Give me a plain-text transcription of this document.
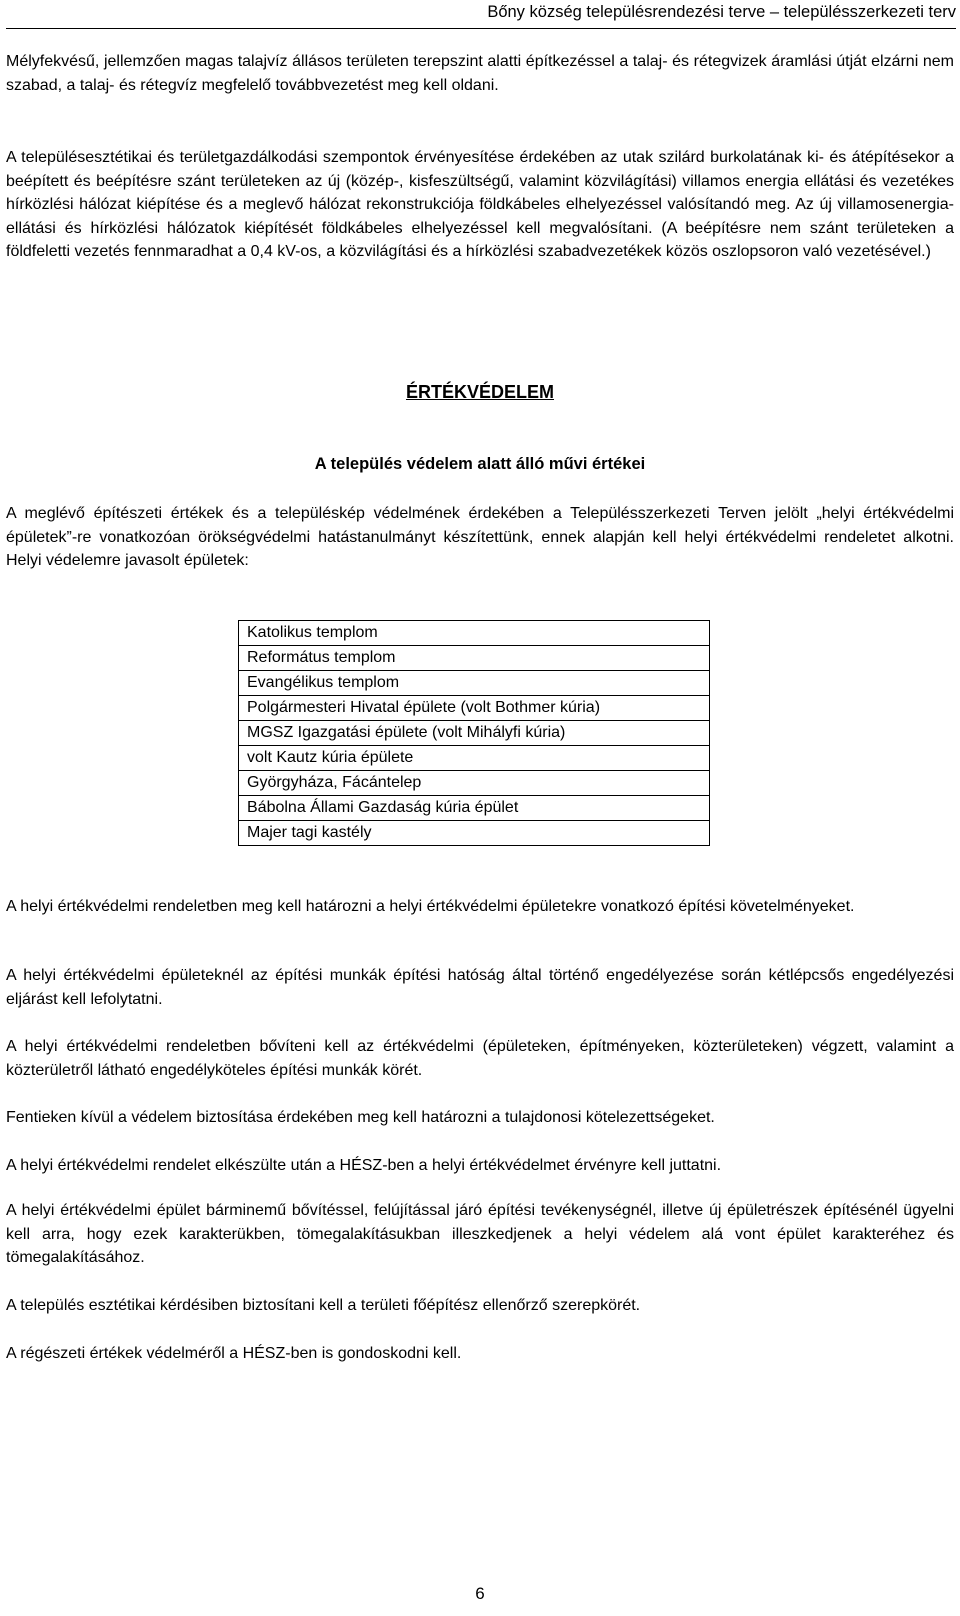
Bőny község településrendezési terve – településszerkezeti terv

Mélyfekvésű, jellemzően magas talajvíz állásos területen terepszint alatti építkezéssel a talaj- és rétegvizek áramlási útját elzárni nem szabad, a talaj- és rétegvíz megfelelő továbbvezetést meg kell oldani.

A településesztétikai és területgazdálkodási szempontok érvényesítése érdekében az utak szilárd burkolatának ki- és átépítésekor a beépített és beépítésre szánt területeken az új (közép-, kisfeszültségű, valamint közvilágítási) villamos energia ellátási és vezetékes hírközlési hálózat kiépítése és a meglevő hálózat rekonstrukciója földkábeles elhelyezéssel valósítandó meg. Az új villamosenergia-ellátási és hírközlési hálózatok kiépítését földkábeles elhelyezéssel kell megvalósítani. (A beépítésre nem szánt területeken a földfeletti vezetés fennmaradhat a 0,4 kV-os, a közvilágítási és a hírközlési szabadvezetékek közös oszlopsoron való vezetésével.)

ÉRTÉKVÉDELEM
A település védelem alatt álló művi értékei

A meglévő építészeti értékek és a településkép védelmének érdekében a Településszerkezeti Terven jelölt „helyi értékvédelmi épületek”-re vonatkozóan örökségvédelmi hatástanulmányt készítettünk, ennek alapján kell helyi értékvédelmi rendeletet alkotni. Helyi védelemre javasolt épületek:

Katolikus templom
Református templom
Evangélikus templom
Polgármesteri Hivatal épülete (volt Bothmer kúria)
MGSZ Igazgatási épülete (volt Mihályfi kúria)
volt Kautz kúria épülete
Györgyháza, Fácántelep
Bábolna Állami Gazdaság kúria épület
Majer tagi kastély

A helyi értékvédelmi rendeletben meg kell határozni a helyi értékvédelmi épületekre vonatkozó építési követelményeket.

A helyi értékvédelmi épületeknél az építési munkák építési hatóság által történő engedélyezése során kétlépcsős engedélyezési eljárást kell lefolytatni.

A helyi értékvédelmi rendeletben bővíteni kell az értékvédelmi (épületeken, építményeken, közterületeken) végzett, valamint a közterületről látható engedélyköteles építési munkák körét.

Fentieken kívül a védelem biztosítása érdekében meg kell határozni a tulajdonosi kötelezettségeket.

A helyi értékvédelmi rendelet elkészülte után a HÉSZ-ben a helyi értékvédelmet érvényre kell juttatni.

A helyi értékvédelmi épület bárminemű bővítéssel, felújítással járó építési tevékenységnél, illetve új épületrészek építésénél ügyelni kell arra, hogy ezek karakterükben, tömegalakításukban illeszkedjenek a helyi védelem alá vont épület karakteréhez és tömegalakításához.

A település esztétikai kérdésiben biztosítani kell a területi főépítész ellenőrző szerepkörét.

A régészeti értékek védelméről a HÉSZ-ben is gondoskodni kell.

6
